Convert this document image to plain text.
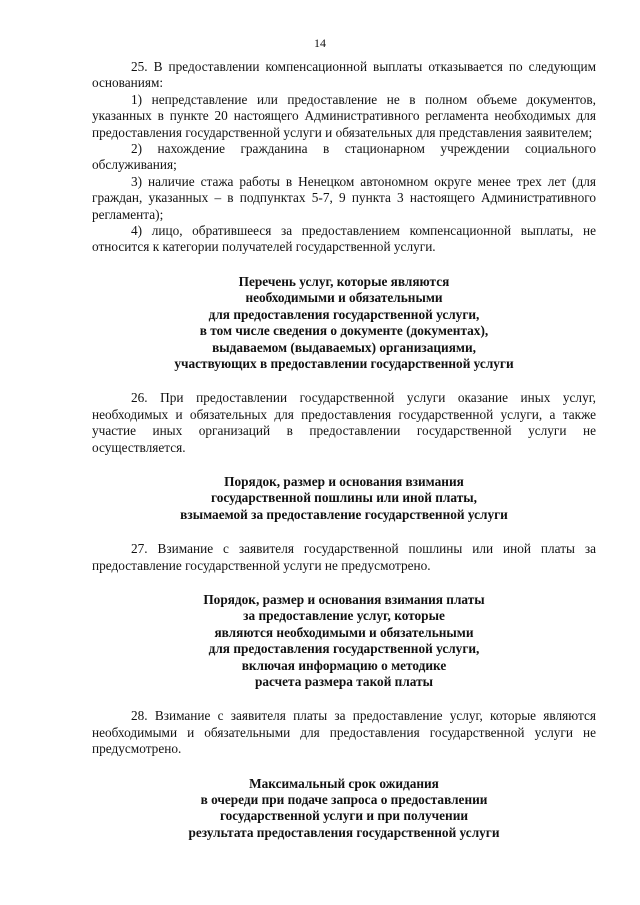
14

25. В предоставлении компенсационной выплаты отказывается по следующим основаниям:

1) непредставление или предоставление не в полном объеме документов, указанных в пункте 20 настоящего Административного регламента необходимых для предоставления государственной услуги и обязательных для представления заявителем;

2) нахождение гражданина в стационарном учреждении социального обслуживания;

3) наличие стажа работы в Ненецком автономном округе менее трех лет (для граждан, указанных – в подпунктах 5-7, 9 пункта 3 настоящего Административного регламента);

4) лицо, обратившееся за предоставлением компенсационной выплаты, не относится к категории получателей государственной услуги.

Перечень услуг, которые являются
необходимыми и обязательными
для предоставления государственной услуги,
в том числе сведения о документе (документах),
выдаваемом (выдаваемых) организациями,
участвующих в предоставлении государственной услуги

26. При предоставлении государственной услуги оказание иных услуг, необходимых и обязательных для предоставления государственной услуги, а также участие иных организаций в предоставлении государственной услуги не осуществляется.

Порядок, размер и основания взимания
государственной пошлины или иной платы,
взымаемой за предоставление государственной услуги

27. Взимание с заявителя государственной пошлины или иной платы за предоставление государственной услуги не предусмотрено.

Порядок, размер и основания взимания платы
за предоставление услуг, которые
являются необходимыми и обязательными
для предоставления государственной услуги,
включая информацию о методике
расчета размера такой платы

28. Взимание с заявителя платы за предоставление услуг, которые являются необходимыми и обязательными для предоставления государственной услуги не предусмотрено.

Максимальный срок ожидания
в очереди при подаче запроса о предоставлении
государственной услуги и при получении
результата предоставления государственной услуги
